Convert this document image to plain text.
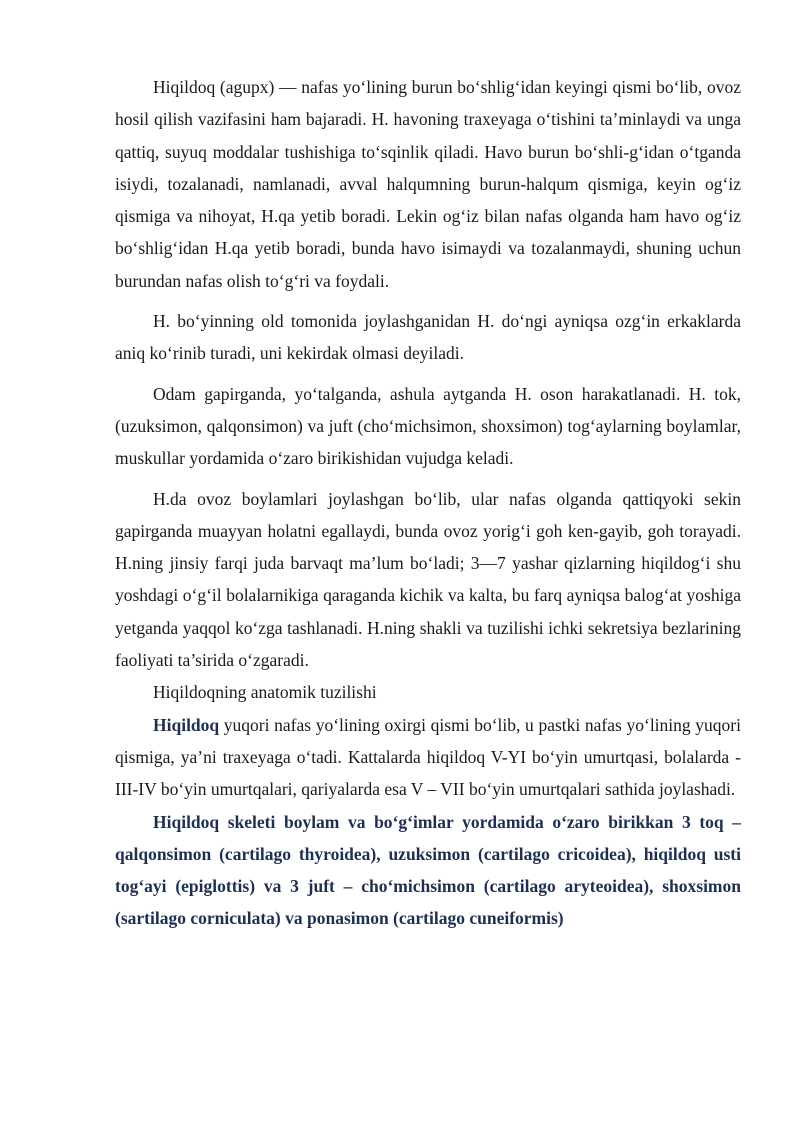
Hiqildoq (agupx) — nafas yo‘lining burun bo‘shlig‘idan keyingi qismi bo‘lib, ovoz hosil qilish vazifasini ham bajaradi. H. havoning traxeyaga o‘tishini ta’minlaydi va unga qattiq, suyuq moddalar tushishiga to‘sqinlik qiladi. Havo burun bo‘shli-g‘idan o‘tganda isiydi, tozalanadi, namlanadi, avval halqumning burun-halqum qismiga, keyin og‘iz qismiga va nihoyat, H.qa yetib boradi. Lekin og‘iz bilan nafas olganda ham havo og‘iz bo‘shlig‘idan H.qa yetib boradi, bunda havo isimaydi va tozalanmaydi, shuning uchun burundan nafas olish to‘g‘ri va foydali.

H. bo‘yinning old tomonida joylashganidan H. do‘ngi ayniqsa ozg‘in erkaklarda aniq ko‘rinib turadi, uni kekirdak olmasi deyiladi.

Odam gapirganda, yo‘talganda, ashula aytganda H. oson harakatlanadi. H. tok, (uzuksimon, qalqonsimon) va juft (cho‘michsimon, shoxsimon) tog‘aylarning boylamlar, muskullar yordamida o‘zaro birikishidan vujudga keladi.

H.da ovoz boylamlari joylashgan bo‘lib, ular nafas olganda qattiqyoki sekin gapirganda muayyan holatni egallaydi, bunda ovoz yorig‘i goh ken-gayib, goh torayadi. H.ning jinsiy farqi juda barvaqt ma’lum bo‘ladi; 3—7 yashar qizlarning hiqildog‘i shu yoshdagi o‘g‘il bolalarnikiga qaraganda kichik va kalta, bu farq ayniqsa balog‘at yoshiga yetganda yaqqol ko‘zga tashlanadi. H.ning shakli va tuzilishi ichki sekretsiya bezlarining faoliyati ta’sirida o‘zgaradi.

Hiqildoqning anatomik tuzilishi

Hiqildoq yuqori nafas yo‘lining oxirgi qismi bo‘lib, u pastki nafas yo‘lining yuqori qismiga, ya’ni traxeyaga o‘tadi. Kattalarda hiqildoq V-YI bo‘yin umurtqasi, bolalarda -III-IV bo‘yin umurtqalari, qariyalarda esa V – VII bo‘yin umurtqalari sathida joylashadi.

Hiqildoq skeleti boylam va bo‘g‘imlar yordamida o‘zaro birikkan 3 toq – qalqonsimon (cartilago thyroidea), uzuksimon (cartilago cricoidea), hiqildoq usti tog‘ayi (epiglottis) va 3 juft – cho‘michsimon (cartilago aryteoidea), shoxsimon (sartilago corniculata) va ponasimon (cartilago cuneiformis)
